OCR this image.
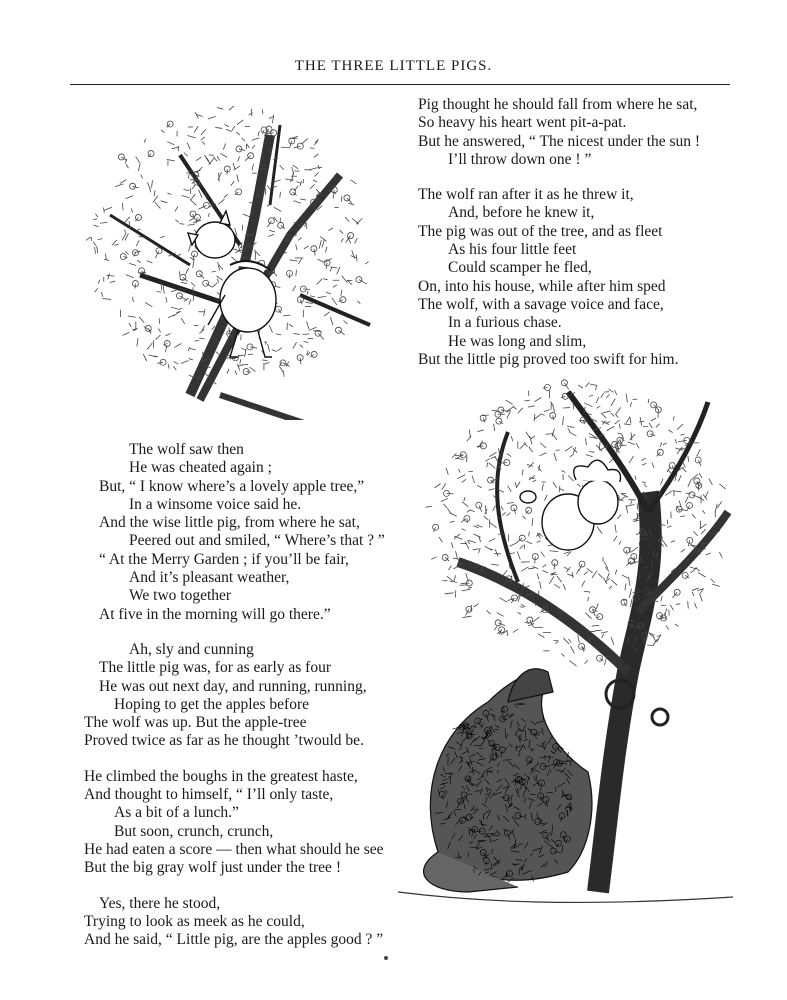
THE THREE LITTLE PIGS.
Pig thought he should fall from where he sat,
So heavy his heart went pit-a-pat.
But he answered, “ The nicest under the sun !
I’ll throw down one ! ”
The wolf ran after it as he threw it,
And, before he knew it,
The pig was out of the tree, and as fleet
As his four little feet
Could scamper he fled,
On, into his house, while after him sped
The wolf, with a savage voice and face,
In a furious chase.
He was long and slim,
But the little pig proved too swift for him.
The wolf saw then
He was cheated again ;
But, “ I know where’s a lovely apple tree,”
In a winsome voice said he.
And the wise little pig, from where he sat,
Peered out and smiled, “ Where’s that ? ”
“ At the Merry Garden ; if you’ll be fair,
And it’s pleasant weather,
We two together
At five in the morning will go there.”
Ah, sly and cunning
The little pig was, for as early as four
He was out next day, and running, running,
Hoping to get the apples before
The wolf was up. But the apple-tree
Proved twice as far as he thought ’twould be.
He climbed the boughs in the greatest haste,
And thought to himself, “ I’ll only taste,
As a bit of a lunch.”
But soon, crunch, crunch,
He had eaten a score — then what should he see
But the big gray wolf just under the tree !
Yes, there he stood,
Trying to look as meek as he could,
And he said, “ Little pig, are the apples good ? ”
